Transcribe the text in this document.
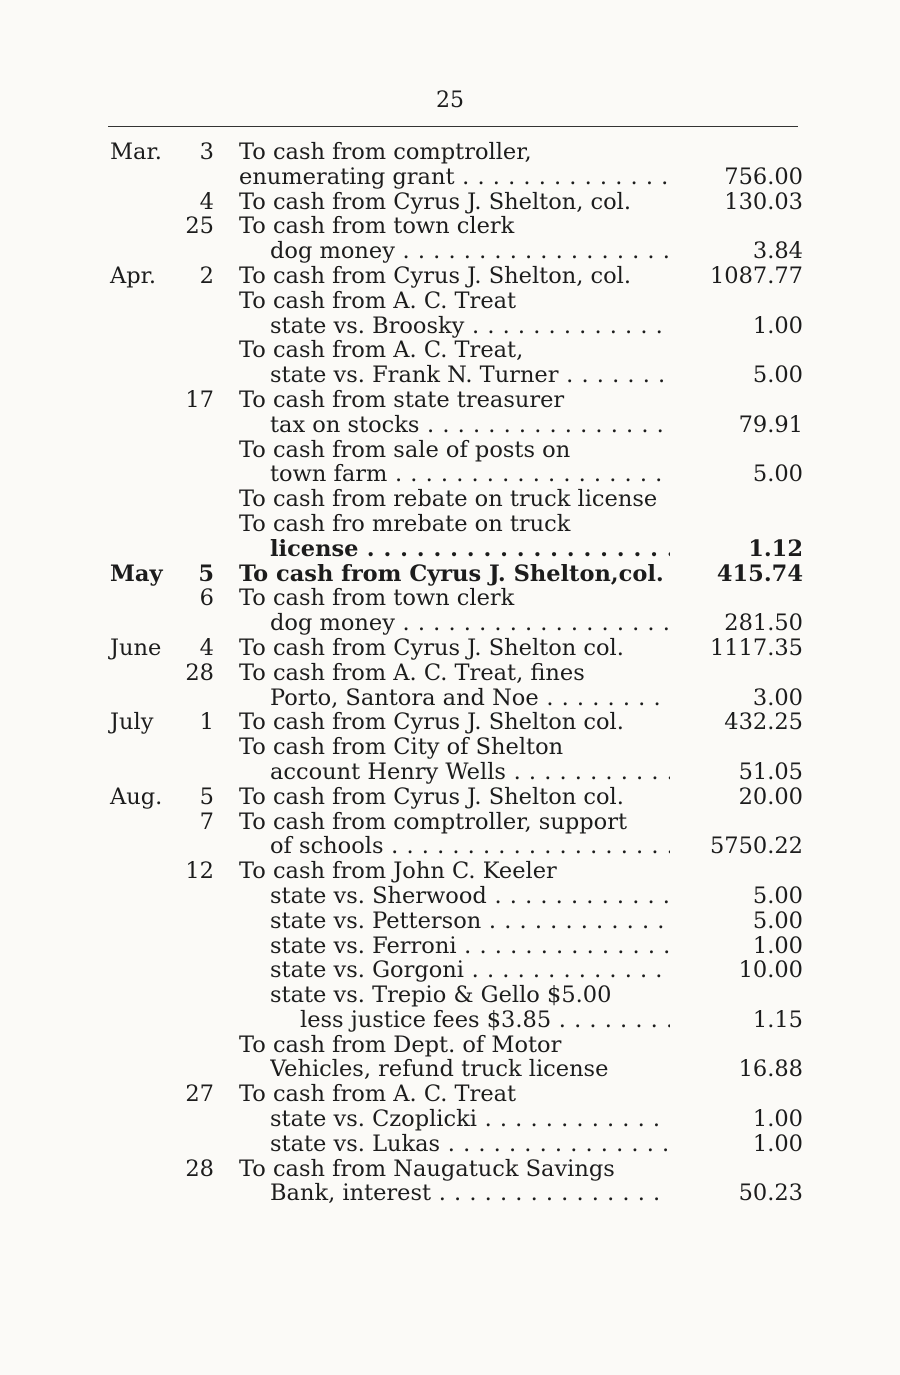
25
Mar.	3 To cash from comptroller,
enumerating grant . . .	756.00
4 To cash from Cyrus J. Shelton, col.	130.03
25 To cash from town clerk
dog money . . .	3.84
Apr.	2 To cash from Cyrus J. Shelton, col.	1087.77
To cash from A. C. Treat
state vs. Broosky . . .	1.00
To cash from A. C. Treat,
state vs. Frank N. Turner . . .	5.00
17 To cash from state treasurer
tax on stocks . . .	79.91
To cash from sale of posts on
town farm . . .	5.00
To cash from rebate on truck license
To cash fro mrebate on truck
license . . .	1.12
May	5 To cash from Cyrus J. Shelton,col. 415.74
6 To cash from town clerk
dog money . . .	281.50
June	4 To cash from Cyrus J. Shelton col.	1117.35
28 To cash from A. C. Treat, fines
Porto, Santora and Noe . . .	3.00
July	1 To cash from Cyrus J. Shelton col.	432.25
To cash from City of Shelton
account Henry Wells . . .	51.05
Aug.	5 To cash from Cyrus J. Shelton col.	20.00
7 To cash from comptroller, support
of schools . . .	5750.22
12 To cash from John C. Keeler
state vs. Sherwood . . .	5.00
state vs. Petterson . . .	5.00
state vs. Ferroni . . .	1.00
state vs. Gorgoni . . .	10.00
state vs. Trepio & Gello $5.00
less justice fees $3.85 . . .	1.15
To cash from Dept. of Motor
Vehicles, refund truck license	16.88
27 To cash from A. C. Treat
state vs. Czoplicki . . .	1.00
state vs. Lukas . . .	1.00
28 To cash from Naugatuck Savings
Bank, interest . . .	50.23
